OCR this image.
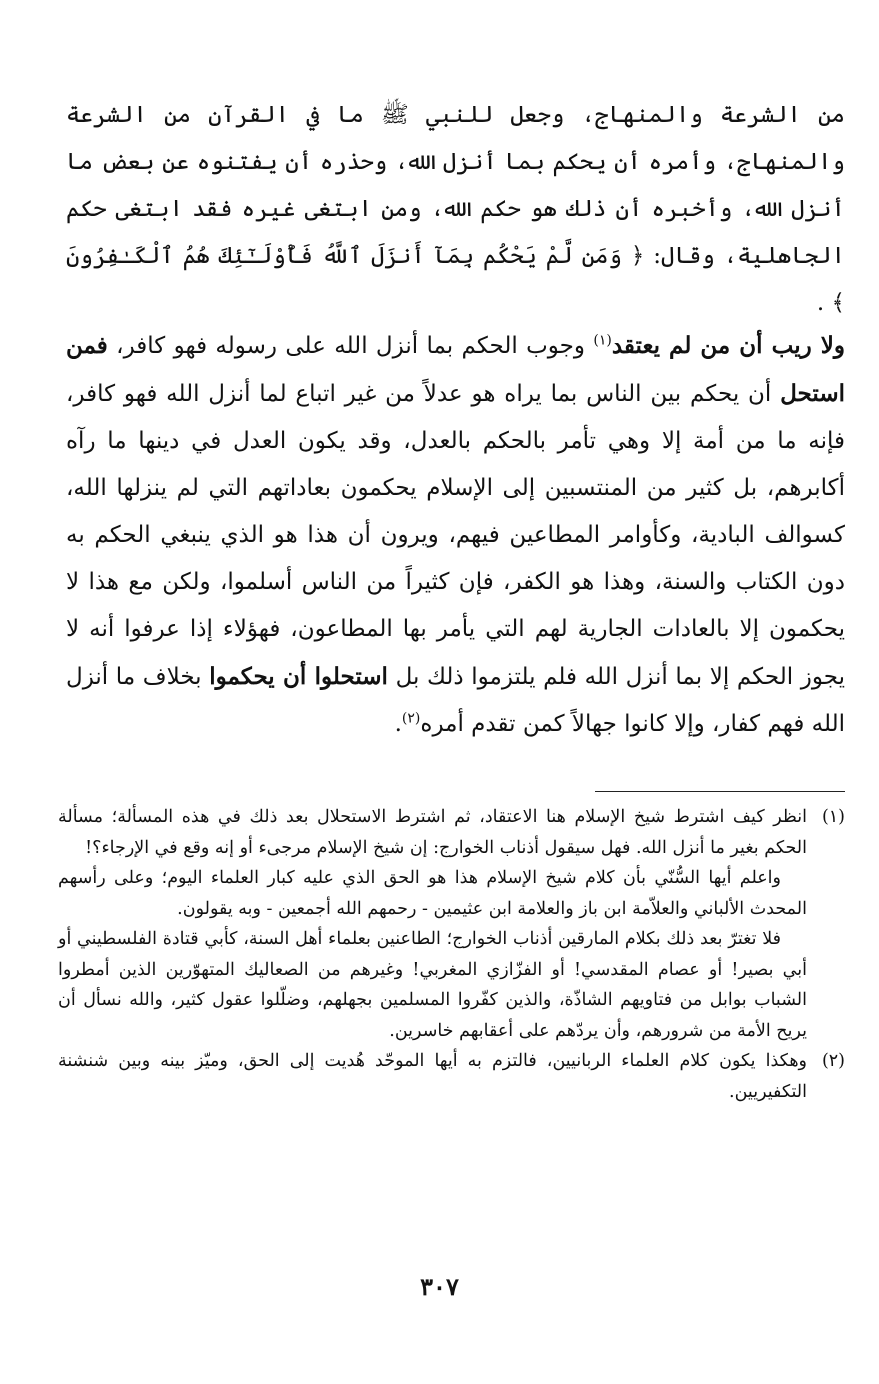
من الشرعة والمنهاج، وجعل للنبي ﷺ ما في القرآن من الشرعة والمنهاج، وأمره أن يحكم بما أنزل الله، وحذره أن يفتنوه عن بعض ما أنزل الله، وأخبره أن ذلك هو حكم الله، ومن ابتغى غيره فقد ابتغى حكم الجاهلية، وقال: ﴿ وَمَن لَّمْ يَحْكُم بِمَآ أَنزَلَ ٱللَّهُ فَأُوْلَـٰٓئِكَ هُمُ ٱلْكَـٰفِرُونَ ﴾ .
ولا ريب أن من لم يعتقد$^{(١)}$ وجوب الحكم بما أنزل الله على رسوله فهو كافر، فمن استحل أن يحكم بين الناس بما يراه هو عدلاً من غير اتباع لما أنزل الله فهو كافر، فإنه ما من أمة إلا وهي تأمر بالحكم بالعدل، وقد يكون العدل في دينها ما رآه أكابرهم، بل كثير من المنتسبين إلى الإسلام يحكمون بعاداتهم التي لم ينزلها الله، كسوالف البادية، وكأوامر المطاعين فيهم، ويرون أن هذا هو الذي ينبغي الحكم به دون الكتاب والسنة، وهذا هو الكفر، فإن كثيراً من الناس أسلموا، ولكن مع هذا لا يحكمون إلا بالعادات الجارية لهم التي يأمر بها المطاعون، فهؤلاء إذا عرفوا أنه لا يجوز الحكم إلا بما أنزل الله فلم يلتزموا ذلك بل استحلوا أن يحكموا بخلاف ما أنزل الله فهم كفار، وإلا كانوا جهالاً كمن تقدم أمره$^{(٢)}$.
(١)

انظر كيف اشترط شيخ الإسلام هنا الاعتقاد، ثم اشترط الاستحلال بعد ذلك في هذه المسألة؛ مسألة الحكم بغير ما أنزل الله. فهل سيقول أذناب الخوارج: إن شيخ الإسلام مرجىء أو إنه وقع في الإرجاء؟!

واعلم أيها السُّنّي بأن كلام شيخ الإسلام هذا هو الحق الذي عليه كبار العلماء اليوم؛ وعلى رأسهم المحدث الألباني والعلاّمة ابن باز والعلامة ابن عثيمين - رحمهم الله أجمعين - وبه يقولون.

فلا تغترّ بعد ذلك بكلام المارقين أذناب الخوارج؛ الطاعنين بعلماء أهل السنة، كأبي قتادة الفلسطيني أو أبي بصير! أو عصام المقدسي! أو الفزّازي المغربي! وغيرهم من الصعاليك المتهوّرين الذين أمطروا الشباب بوابل من فتاويهم الشاذّة، والذين كفّروا المسلمين بجهلهم، وضلّلوا عقول كثير، والله نسأل أن يريح الأمة من شرورهم، وأن يردّهم على أعقابهم خاسرين.

(٢)

وهكذا يكون كلام العلماء الربانيين، فالتزم به أيها الموحّد هُديت إلى الحق، وميّز بينه وبين شنشنة التكفيريين.

٣٠٧
